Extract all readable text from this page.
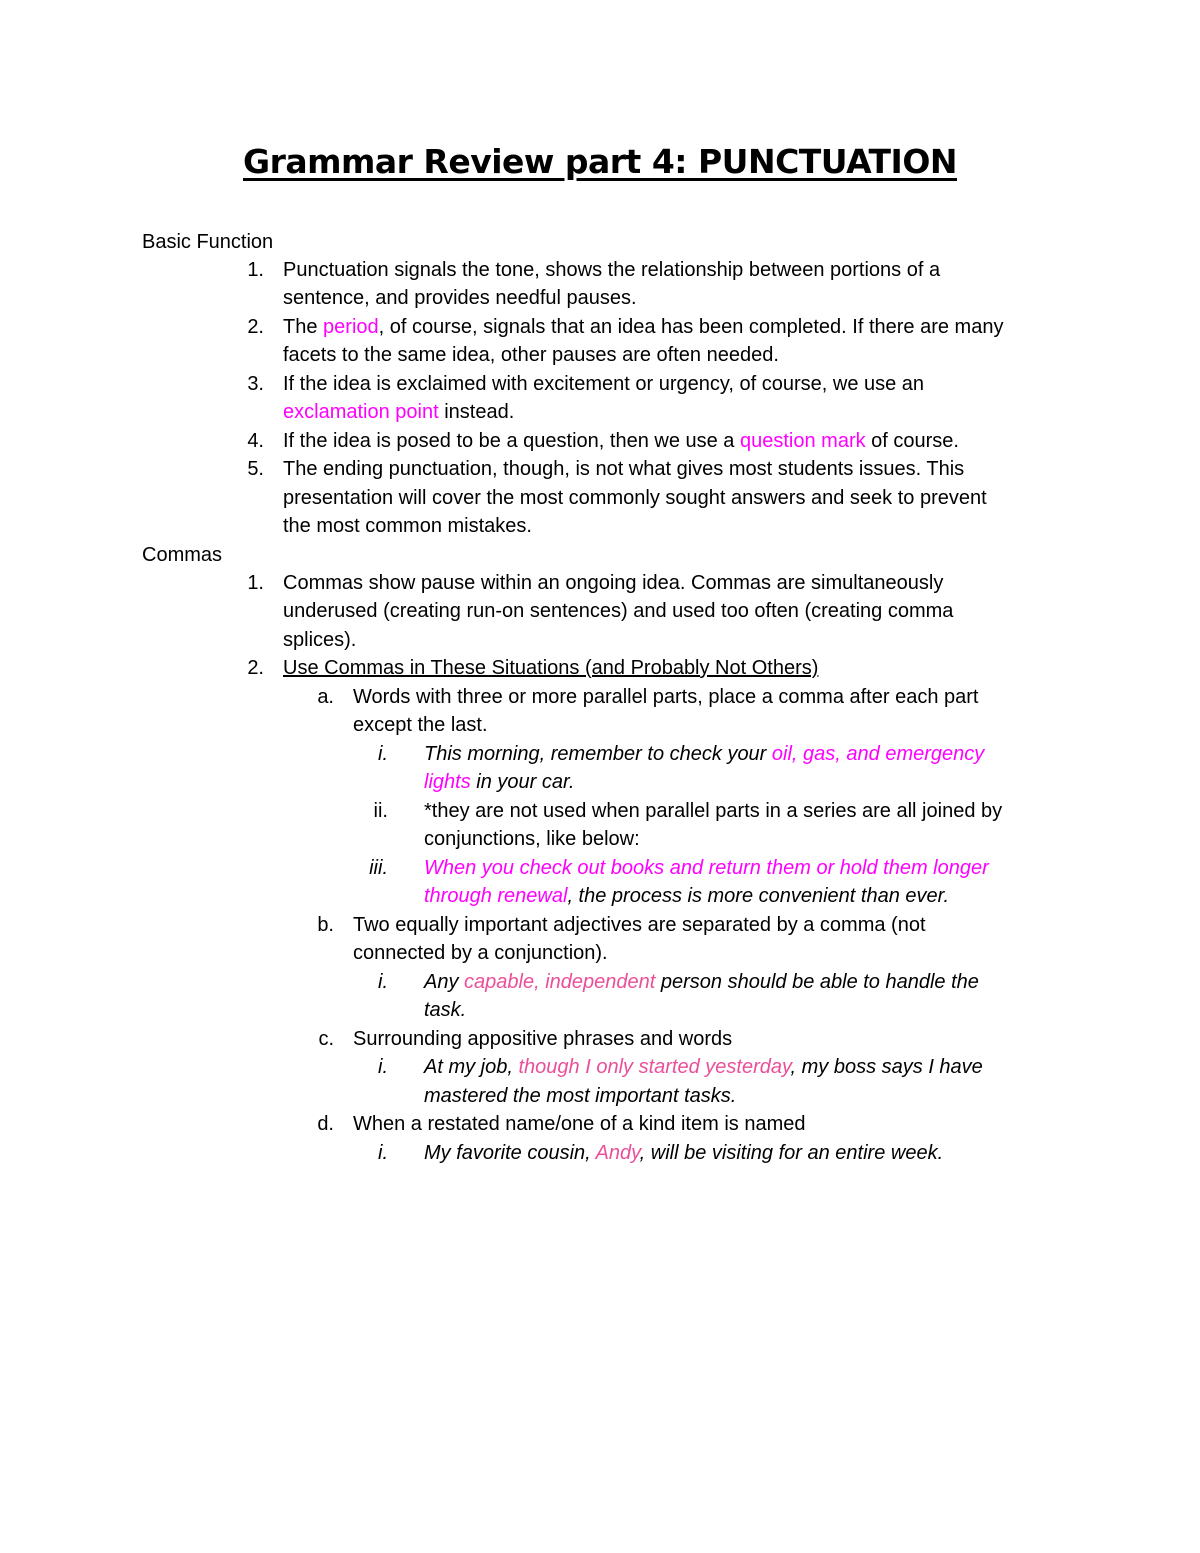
Grammar Review part 4: PUNCTUATION
Basic Function
1. Punctuation signals the tone, shows the relationship between portions of a
sentence, and provides needful pauses.
2. The period, of course, signals that an idea has been completed. If there are many
facets to the same idea, other pauses are often needed.
3. If the idea is exclaimed with excitement or urgency, of course, we use an
exclamation point instead.
4. If the idea is posed to be a question, then we use a question mark of course.
5. The ending punctuation, though, is not what gives most students issues. This
presentation will cover the most commonly sought answers and seek to prevent
the most common mistakes.
Commas
1. Commas show pause within an ongoing idea. Commas are simultaneously
underused (creating run-on sentences) and used too often (creating comma
splices).
2. Use Commas in These Situations (and Probably Not Others)
a. Words with three or more parallel parts, place a comma after each part
except the last.
i. This morning, remember to check your oil, gas, and emergency
lights in your car.
ii. *they are not used when parallel parts in a series are all joined by
conjunctions, like below:
iii. When you check out books and return them or hold them longer
through renewal, the process is more convenient than ever.
b. Two equally important adjectives are separated by a comma (not
connected by a conjunction).
i. Any capable, independent person should be able to handle the
task.
c. Surrounding appositive phrases and words
i. At my job, though I only started yesterday, my boss says I have
mastered the most important tasks.
d. When a restated name/one of a kind item is named
i. My favorite cousin, Andy, will be visiting for an entire week.
